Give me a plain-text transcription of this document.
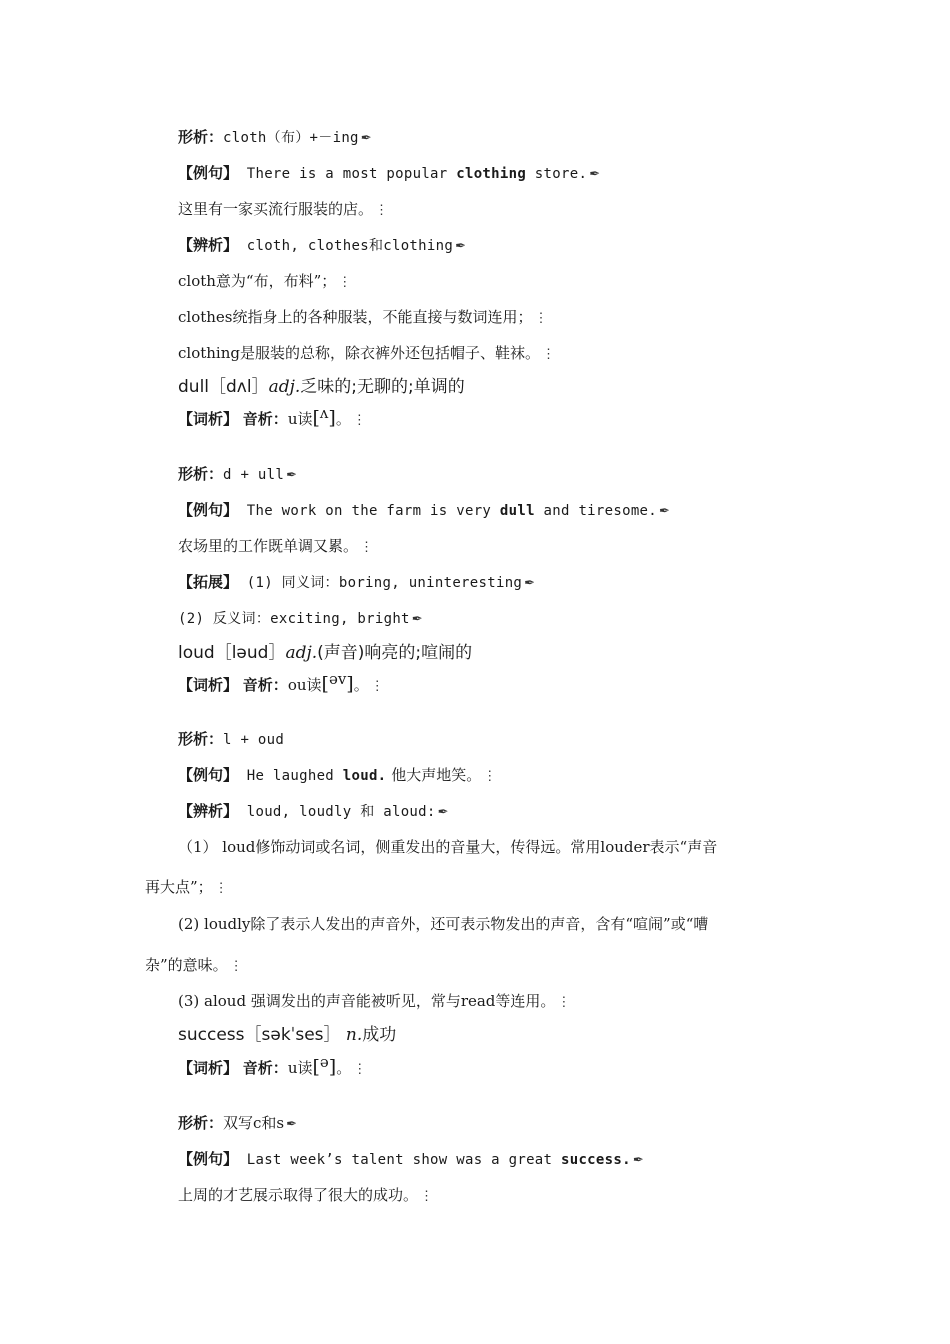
形析：cloth（布）+－ing ✒
【例句】 There is a most popular clothing store. ✒
这里有一家买流行服装的店。 ⋮
【辨析】 cloth, clothes和clothing ✒
cloth意为“布，布料”； ⋮
clothes统指身上的各种服装，不能直接与数词连用； ⋮
clothing是服装的总称，除衣裤外还包括帽子、鞋袜。 ⋮
dull［dʌl］adj.乏味的;无聊的;单调的
【词析】 音析：u读[ʌ]。 ⋮
形析：d + ull ✒
【例句】 The work on the farm is very dull and tiresome. ✒
农场里的工作既单调又累。 ⋮
【拓展】 (1) 同义词：boring, uninteresting ✒
(2) 反义词：exciting, bright ✒
loud［ləud］adj.(声音)响亮的;喧闹的
【词析】 音析：ou读[əv]。 ⋮
形析：l + oud
【例句】 He laughed loud. 他大声地笑。 ⋮
【辨析】 loud, loudly 和 aloud: ✒
（1） loud修饰动词或名词，侧重发出的音量大，传得远。常用louder表示“声音
再大点”； ⋮
(2) loudly除了表示人发出的声音外，还可表示物发出的声音，含有“喧闹”或“嘈
杂”的意味。 ⋮
(3) aloud 强调发出的声音能被听见，常与read等连用。 ⋮
success［səkˈses］ n.成功
【词析】 音析：u读[ə]。 ⋮
形析：双写c和s ✒
【例句】 Last week’s talent show was a great success. ✒
上周的才艺展示取得了很大的成功。 ⋮
